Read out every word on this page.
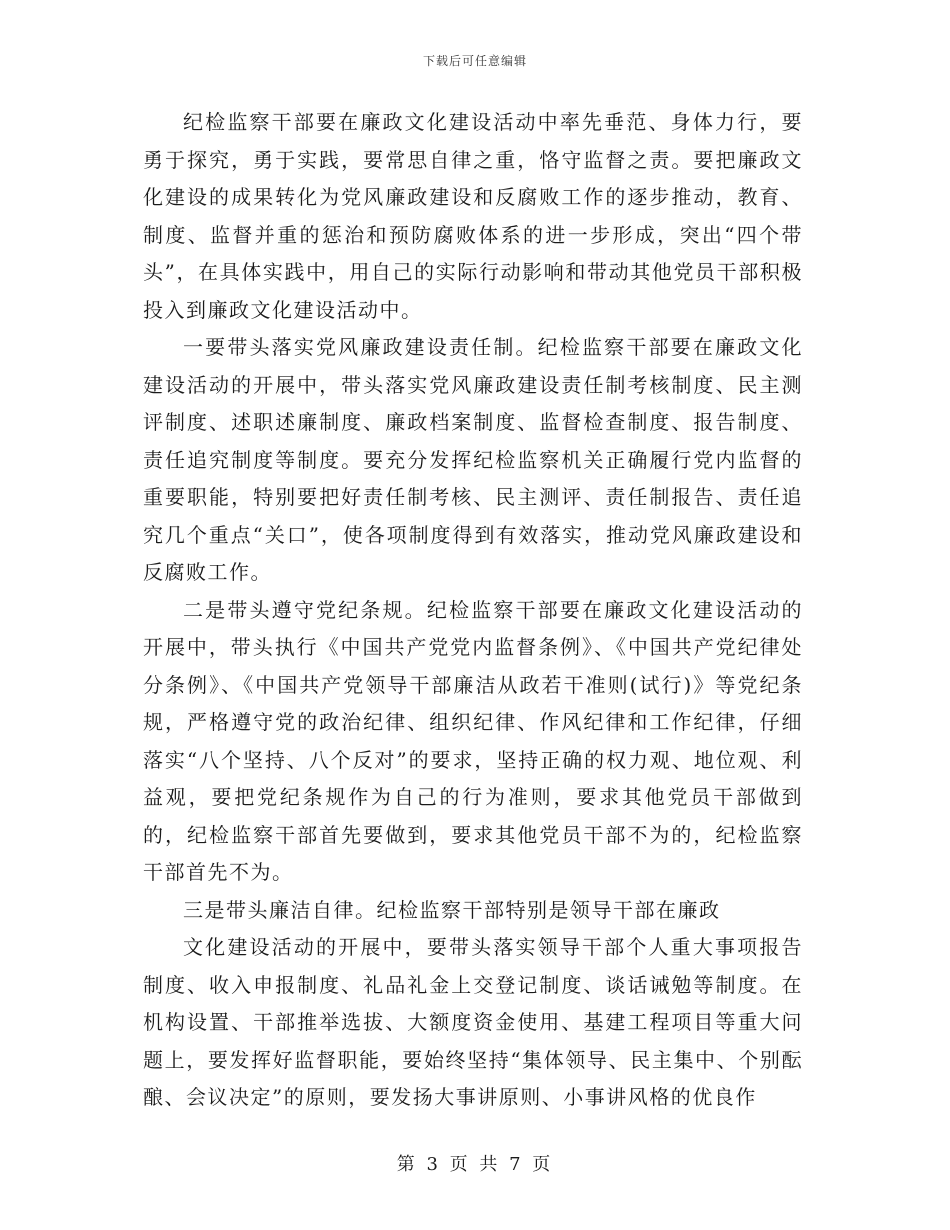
下载后可任意编辑

纪检监察干部要在廉政文化建设活动中率先垂范、身体力行，要勇于探究，勇于实践，要常思自律之重，恪守监督之责。要把廉政文化建设的成果转化为党风廉政建设和反腐败工作的逐步推动，教育、制度、监督并重的惩治和预防腐败体系的进一步形成，突出“四个带头”，在具体实践中，用自己的实际行动影响和带动其他党员干部积极投入到廉政文化建设活动中。

一要带头落实党风廉政建设责任制。纪检监察干部要在廉政文化建设活动的开展中，带头落实党风廉政建设责任制考核制度、民主测评制度、述职述廉制度、廉政档案制度、监督检查制度、报告制度、责任追究制度等制度。要充分发挥纪检监察机关正确履行党内监督的重要职能，特别要把好责任制考核、民主测评、责任制报告、责任追究几个重点“关口”，使各项制度得到有效落实，推动党风廉政建设和反腐败工作。

二是带头遵守党纪条规。纪检监察干部要在廉政文化建设活动的开展中，带头执行《中国共产党党内监督条例》、《中国共产党纪律处分条例》、《中国共产党领导干部廉洁从政若干准则(试行)》等党纪条规，严格遵守党的政治纪律、组织纪律、作风纪律和工作纪律，仔细落实“八个坚持、八个反对”的要求，坚持正确的权力观、地位观、利益观，要把党纪条规作为自己的行为准则，要求其他党员干部做到的，纪检监察干部首先要做到，要求其他党员干部不为的，纪检监察干部首先不为。

三是带头廉洁自律。纪检监察干部特别是领导干部在廉政

文化建设活动的开展中，要带头落实领导干部个人重大事项报告制度、收入申报制度、礼品礼金上交登记制度、谈话诫勉等制度。在机构设置、干部推举选拔、大额度资金使用、基建工程项目等重大问题上，要发挥好监督职能，要始终坚持“集体领导、民主集中、个别酝酿、会议决定”的原则，要发扬大事讲原则、小事讲风格的优良作

第 3 页 共 7 页
